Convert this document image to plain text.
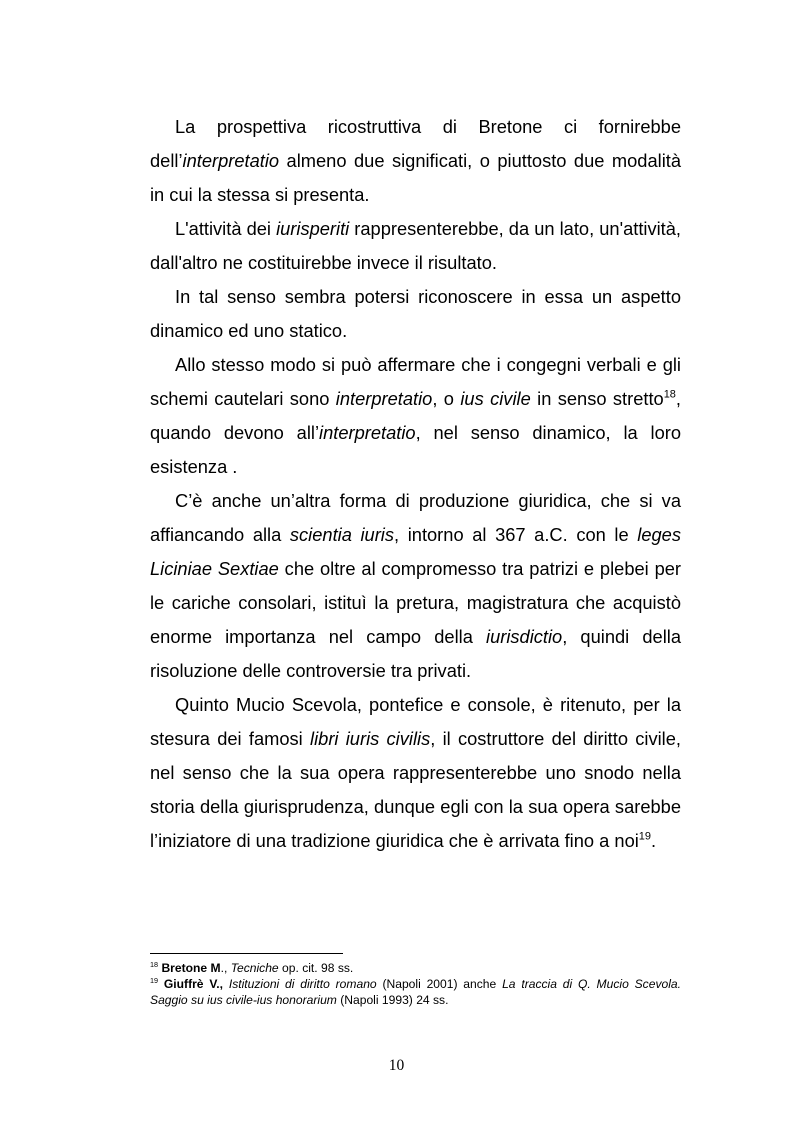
La prospettiva ricostruttiva di Bretone ci fornirebbe dell’interpretatio almeno due significati, o piuttosto due modalità in cui la stessa si presenta.

L'attività dei iurisperiti rappresenterebbe, da un lato, un'attività, dall'altro ne costituirebbe invece il risultato.

In tal senso sembra potersi riconoscere in essa un aspetto dinamico ed uno statico.

Allo stesso modo si può affermare che i congegni verbali e gli schemi cautelari sono interpretatio, o ius civile in senso stretto$^{18}$, quando devono all’interpretatio, nel senso dinamico, la loro esistenza .

C’è anche un’altra forma di produzione giuridica, che si va affiancando alla scientia iuris, intorno al 367 a.C. con le leges Liciniae Sextiae che oltre al compromesso tra patrizi e plebei per le cariche consolari, istituì la pretura, magistratura che acquistò enorme importanza nel campo della iurisdictio, quindi della risoluzione delle controversie tra privati.

Quinto Mucio Scevola, pontefice e console, è ritenuto, per la stesura dei famosi libri iuris civilis, il costruttore del diritto civile, nel senso che la sua opera rappresenterebbe uno snodo nella storia della giurisprudenza, dunque egli con la sua opera sarebbe l’iniziatore di una tradizione giuridica che è arrivata fino a noi$^{19}$.

$^{18}$ Bretone M., Tecniche op. cit. 98 ss.

$^{19}$ Giuffrè V., Istituzioni di diritto romano (Napoli 2001) anche La traccia di Q. Mucio Scevola. Saggio su ius civile-ius honorarium (Napoli 1993) 24 ss.

10
